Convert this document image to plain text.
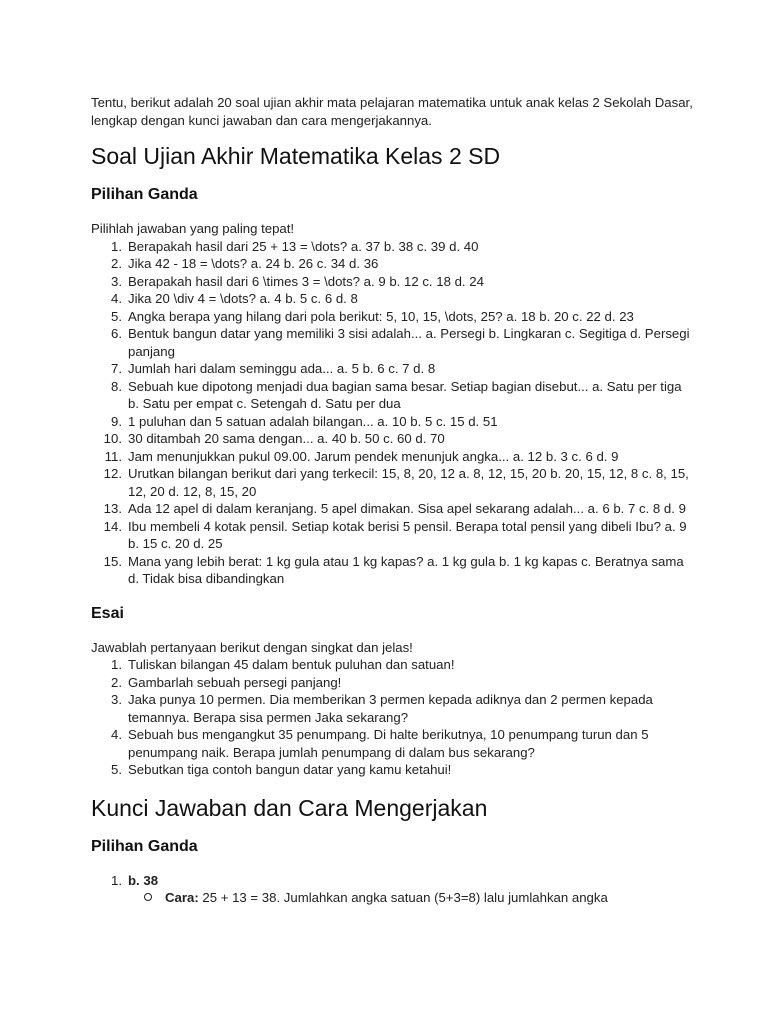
Tentu, berikut adalah 20 soal ujian akhir mata pelajaran matematika untuk anak kelas 2 Sekolah Dasar, lengkap dengan kunci jawaban dan cara mengerjakannya.

Soal Ujian Akhir Matematika Kelas 2 SD
Pilihan Ganda

Pilihlah jawaban yang paling tepat!

1. Berapakah hasil dari 25 + 13 = \dots? a. 37 b. 38 c. 39 d. 40
2. Jika 42 - 18 = \dots? a. 24 b. 26 c. 34 d. 36
3. Berapakah hasil dari 6 \times 3 = \dots? a. 9 b. 12 c. 18 d. 24
4. Jika 20 \div 4 = \dots? a. 4 b. 5 c. 6 d. 8
5. Angka berapa yang hilang dari pola berikut: 5, 10, 15, \dots, 25? a. 18 b. 20 c. 22 d. 23
6. Bentuk bangun datar yang memiliki 3 sisi adalah... a. Persegi b. Lingkaran c. Segitiga d. Persegi panjang
7. Jumlah hari dalam seminggu ada... a. 5 b. 6 c. 7 d. 8
8. Sebuah kue dipotong menjadi dua bagian sama besar. Setiap bagian disebut... a. Satu per tiga b. Satu per empat c. Setengah d. Satu per dua
9. 1 puluhan dan 5 satuan adalah bilangan... a. 10 b. 5 c. 15 d. 51
10. 30 ditambah 20 sama dengan... a. 40 b. 50 c. 60 d. 70
11. Jam menunjukkan pukul 09.00. Jarum pendek menunjuk angka... a. 12 b. 3 c. 6 d. 9
12. Urutkan bilangan berikut dari yang terkecil: 15, 8, 20, 12 a. 8, 12, 15, 20 b. 20, 15, 12, 8 c. 8, 15, 12, 20 d. 12, 8, 15, 20
13. Ada 12 apel di dalam keranjang. 5 apel dimakan. Sisa apel sekarang adalah... a. 6 b. 7 c. 8 d. 9
14. Ibu membeli 4 kotak pensil. Setiap kotak berisi 5 pensil. Berapa total pensil yang dibeli Ibu? a. 9 b. 15 c. 20 d. 25
15. Mana yang lebih berat: 1 kg gula atau 1 kg kapas? a. 1 kg gula b. 1 kg kapas c. Beratnya sama d. Tidak bisa dibandingkan
Esai

Jawablah pertanyaan berikut dengan singkat dan jelas!

1. Tuliskan bilangan 45 dalam bentuk puluhan dan satuan!
2. Gambarlah sebuah persegi panjang!
3. Jaka punya 10 permen. Dia memberikan 3 permen kepada adiknya dan 2 permen kepada temannya. Berapa sisa permen Jaka sekarang?
4. Sebuah bus mengangkut 35 penumpang. Di halte berikutnya, 10 penumpang turun dan 5 penumpang naik. Berapa jumlah penumpang di dalam bus sekarang?
5. Sebutkan tiga contoh bangun datar yang kamu ketahui!
Kunci Jawaban dan Cara Mengerjakan
Pilihan Ganda
1. b. 38
Cara: 25 + 13 = 38. Jumlahkan angka satuan (5+3=8) lalu jumlahkan angka
